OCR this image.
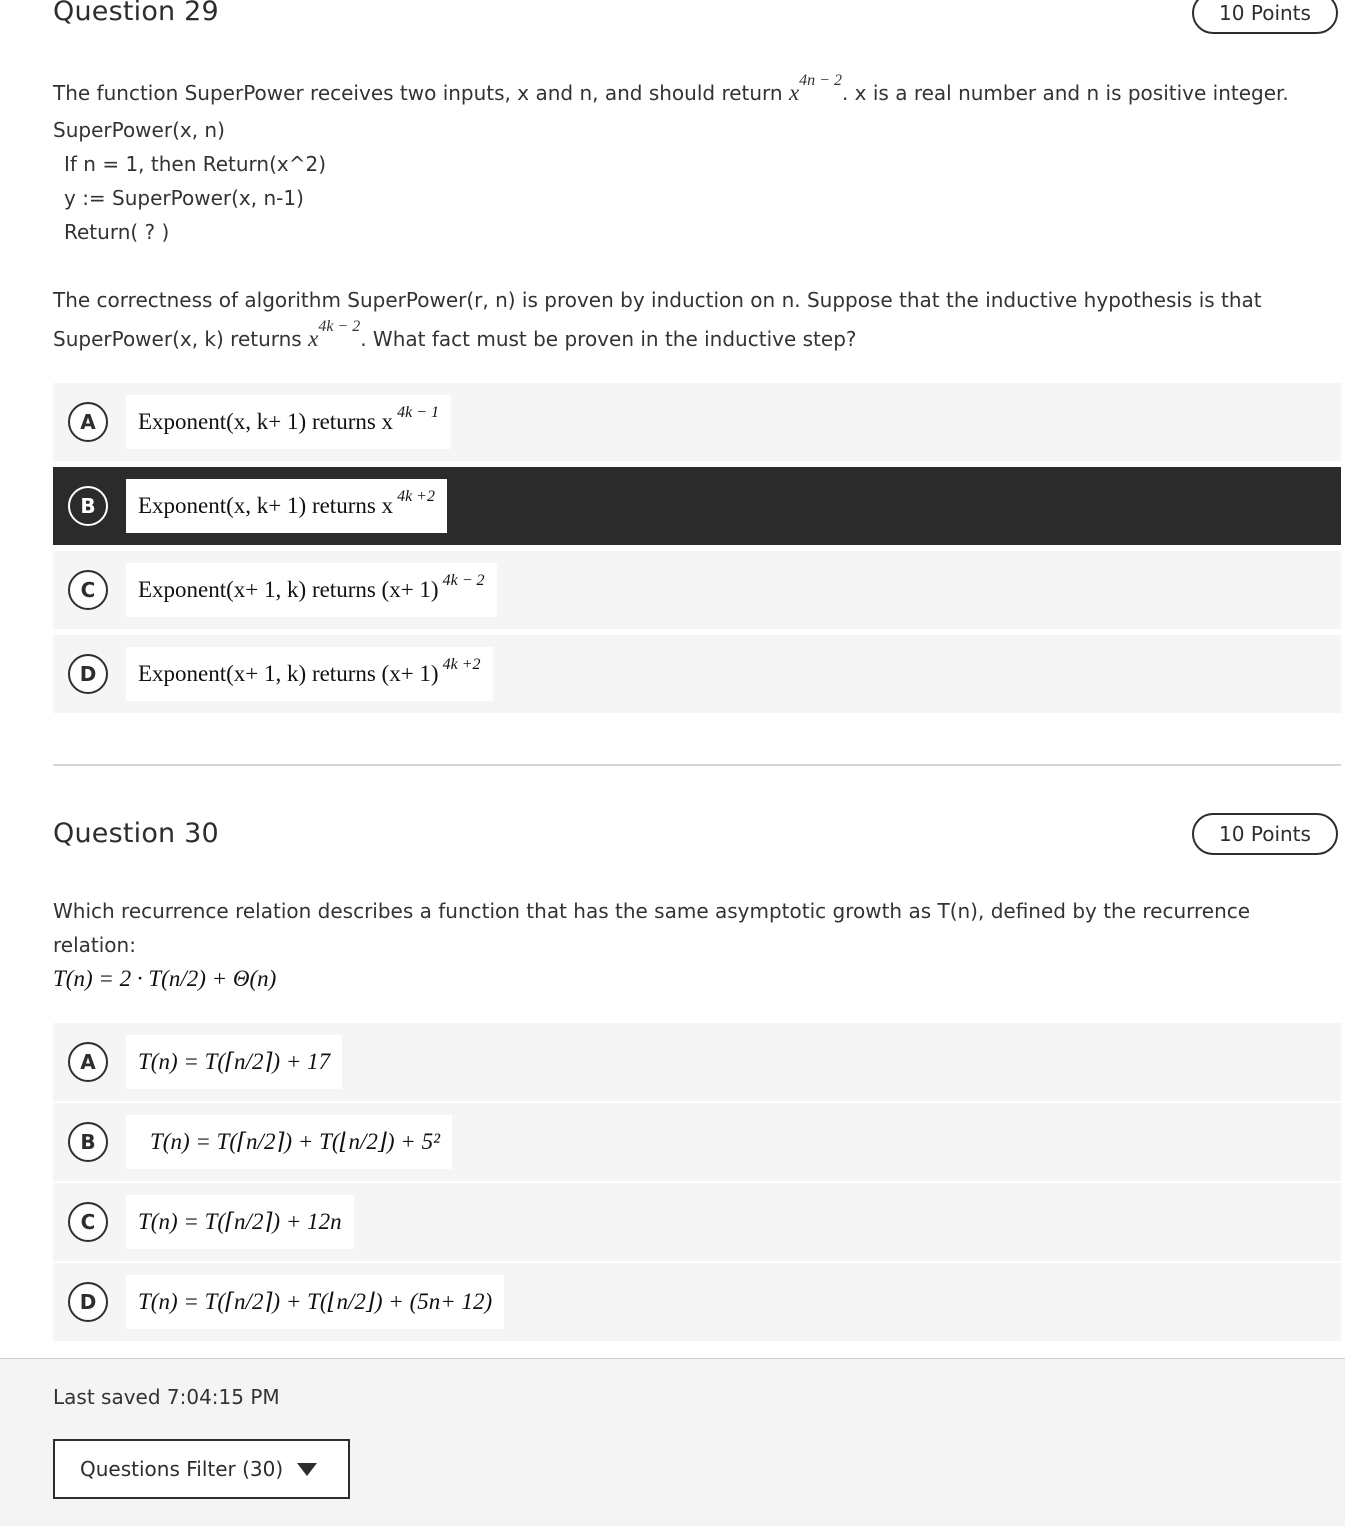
Question 29	10 Points
The function SuperPower receives two inputs, x and n, and should return $x^{4n - 2}$. x is a real number and n is positive integer.
SuperPower(x, n)
If n = 1, then Return(x^2)
y := SuperPower(x, n-1)
Return( ? )
The correctness of algorithm SuperPower(r, n) is proven by induction on n. Suppose that the inductive hypothesis is that
SuperPower(x, k) returns $x^{4k - 2}$. What fact must be proven in the inductive step?
A	Exponent(x, k+ 1) returns x $^{4k - 1}$
B	Exponent(x, k+ 1) returns x $^{4k +2}$
C	Exponent(x+ 1, k) returns (x+ 1) $^{4k - 2}$
D	Exponent(x+ 1, k) returns (x+ 1) $^{4k +2}$
Question 30	10 Points
Which recurrence relation describes a function that has the same asymptotic growth as T(n), defined by the recurrence
relation:
T(n) = 2 · T(n/2) + Θ(n)
A	T(n) = T(⌈n/2⌉) + 17
B	T(n) = T(⌈n/2⌉) + T(⌊n/2⌋) + 5²
C	T(n) = T(⌈n/2⌉) + 12n
D	T(n) = T(⌈n/2⌉) + T(⌊n/2⌋) + (5n+ 12)
Last saved 7:04:15 PM
Questions Filter (30)
